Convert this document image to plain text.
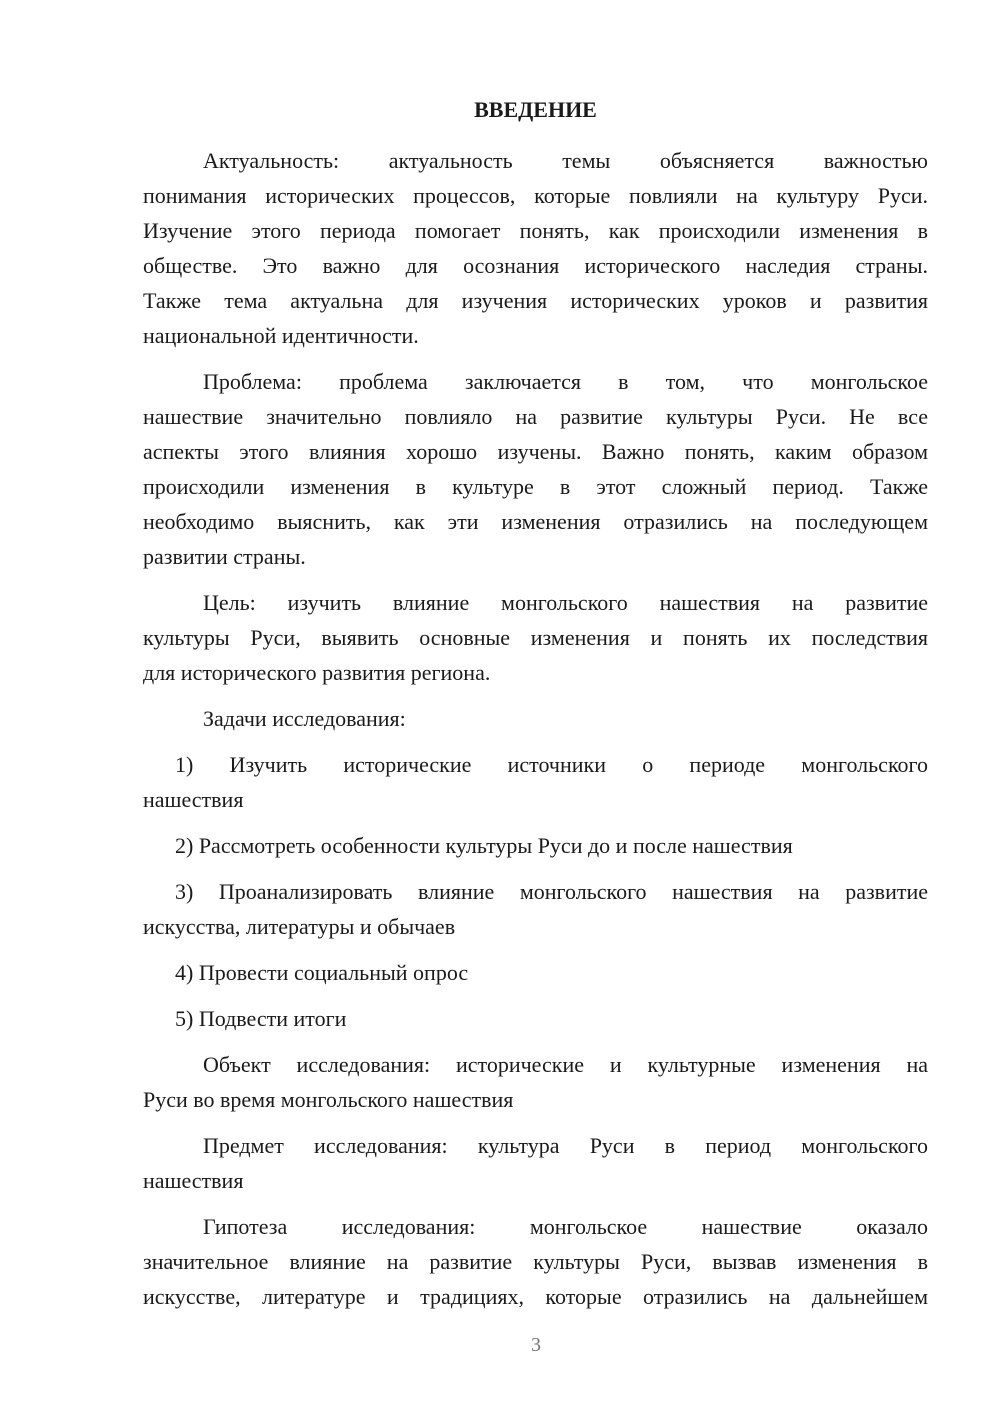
ВВЕДЕНИЕ
Актуальность: актуальность темы объясняется важностью
понимания исторических процессов, которые повлияли на культуру Руси.
Изучение этого периода помогает понять, как происходили изменения в
обществе. Это важно для осознания исторического наследия страны.
Также тема актуальна для изучения исторических уроков и развития
национальной идентичности.
Проблема: проблема заключается в том, что монгольское
нашествие значительно повлияло на развитие культуры Руси. Не все
аспекты этого влияния хорошо изучены. Важно понять, каким образом
происходили изменения в культуре в этот сложный период. Также
необходимо выяснить, как эти изменения отразились на последующем
развитии страны.
Цель: изучить влияние монгольского нашествия на развитие
культуры Руси, выявить основные изменения и понять их последствия
для исторического развития региона.
Задачи исследования:
1) Изучить исторические источники о периоде монгольского
нашествия
2) Рассмотреть особенности культуры Руси до и после нашествия
3) Проанализировать влияние монгольского нашествия на развитие
искусства, литературы и обычаев
4) Провести социальный опрос
5) Подвести итоги
Объект исследования: исторические и культурные изменения на
Руси во время монгольского нашествия
Предмет исследования: культура Руси в период монгольского
нашествия
Гипотеза исследования: монгольское нашествие оказало
значительное влияние на развитие культуры Руси, вызвав изменения в
искусстве, литературе и традициях, которые отразились на дальнейшем
3
